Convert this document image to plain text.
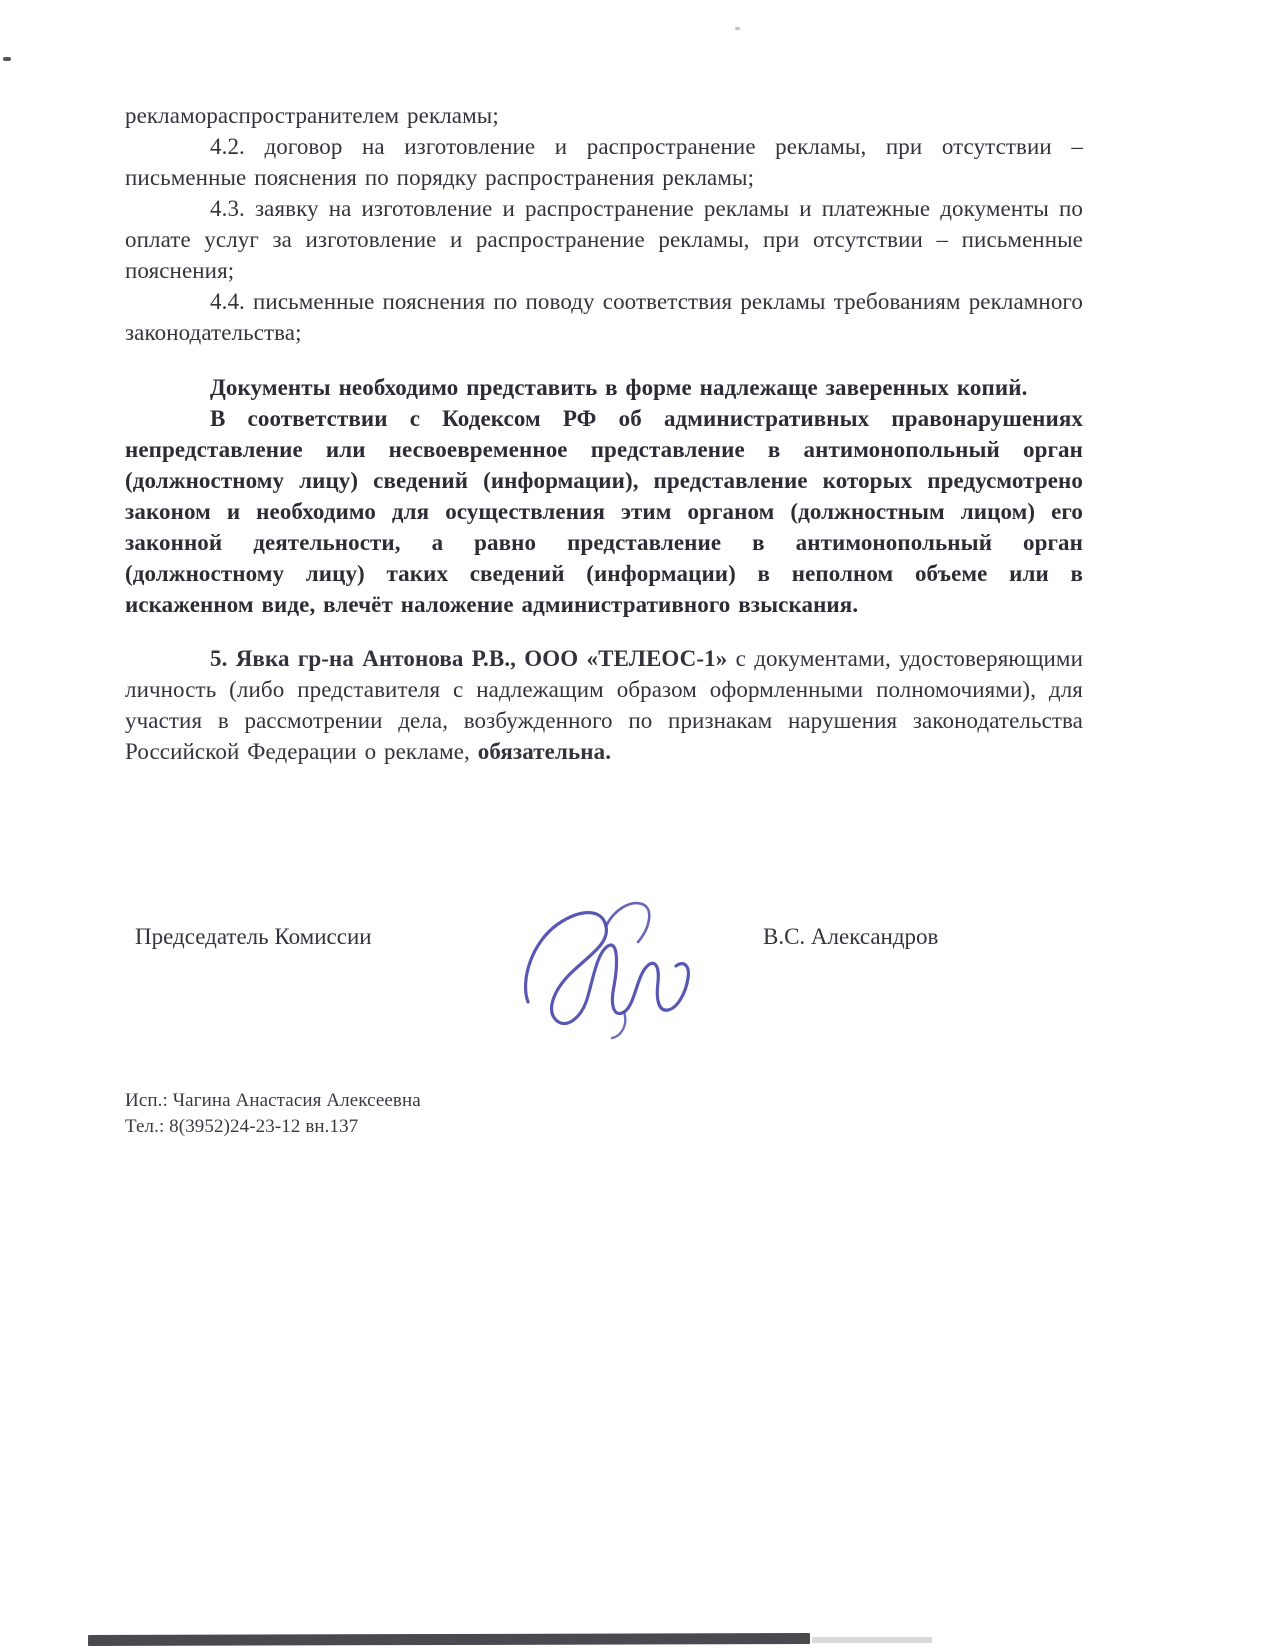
рекламораспространителем рекламы;

4.2. договор на изготовление и распространение рекламы, при отсутствии – письменные пояснения по порядку распространения рекламы;

4.3. заявку на изготовление и распространение рекламы и платежные документы по оплате услуг за изготовление и распространение рекламы, при отсутствии – письменные пояснения;

4.4. письменные пояснения по поводу соответствия рекламы требованиям рекламного законодательства;

Документы необходимо представить в форме надлежаще заверенных копий.

В соответствии с Кодексом РФ об административных правонарушениях непредставление или несвоевременное представление в антимонопольный орган (должностному лицу) сведений (информации), представление которых предусмотрено законом и необходимо для осуществления этим органом (должностным лицом) его законной деятельности, а равно представление в антимонопольный орган (должностному лицу) таких сведений (информации) в неполном объеме или в искаженном виде, влечёт наложение административного взыскания.

5. Явка гр-на Антонова Р.В., ООО «ТЕЛЕОС-1» с документами, удостоверяющими личность (либо представителя с надлежащим образом оформленными полномочиями), для участия в рассмотрении дела, возбужденного по признакам нарушения законодательства Российской Федерации о рекламе, обязательна.

Председатель Комиссии	В.С. Александров
Исп.: Чагина Анастасия Алексеевна
Тел.: 8(3952)24-23-12 вн.137
